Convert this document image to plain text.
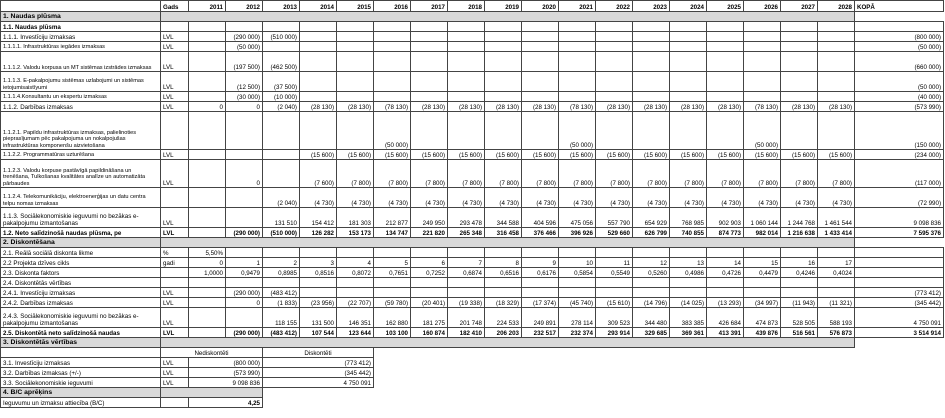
	Gads	2011	2012	2013	2014	2015	2016	2017	2018	2019	2020	2021	2022	2023	2024	2025	2026	2027	2028	KOPĀ
1. Naudas plūsma																				
1.1. Naudas plūsma																				
1.1.1. Investīciju izmaksas	LVL		(290 000)	(510 000)																(800 000)
1.1.1.1. Infrastruktūras iegādes izmaksas	LVL		(50 000)																	(50 000)
1.1.1.2. Valodu korpusa un MT sistēmas izstrādes izmaksas	LVL		(197 500)	(462 500)																(660 000)
1.1.1.3. E-pakalpojumu sistēmas uzlabojumi un sistēmas ietojumisaistīyumi	LVL		(12 500)	(37 500)																(50 000)
1.1.1.4.Konsultantu un ekspertu izmaksas	LVL		(30 000)	(10 000)																(40 000)
1.1.2. Darbības izmaksas	LVL	0	0	(2 040)	(28 130)	(28 130)	(78 130)	(28 130)	(28 130)	(28 130)	(28 130)	(78 130)	(28 130)	(28 130)	(28 130)	(28 130)	(78 130)	(28 130)	(28 130)	(573 990)
1.1.2.1. Papildu infrastruktūras izmaksas, palielinoties pieprasījumam pēc pakalpojuma un nokalpojušas infrastruktūras komponenšu aizvietošana							(50 000)					(50 000)					(50 000)			(150 000)
1.1.2.2. Programmatūras uzturēšana	LVL				(15 600)	(15 600)	(15 600)	(15 600)	(15 600)	(15 600)	(15 600)	(15 600)	(15 600)	(15 600)	(15 600)	(15 600)	(15 600)	(15 600)	(15 600)	(234 000)
1.1.2.3. Valodu korpuse pastāvīgā papildināšana un trenēšana, Tulkošanas kvalitātes analīze un automatizāta pārbaudes	LVL		0		(7 600)	(7 800)	(7 800)	(7 800)	(7 800)	(7 800)	(7 800)	(7 800)	(7 800)	(7 800)	(7 800)	(7 800)	(7 800)	(7 800)	(7 800)	(117 000)
1.1.2.4. Telekomunikāciju, elektroenerģijas un datu centra telpu nomas izmaksas				(2 040)	(4 730)	(4 730)	(4 730)	(4 730)	(4 730)	(4 730)	(4 730)	(4 730)	(4 730)	(4 730)	(4 730)	(4 730)	(4 730)	(4 730)	(4 730)	(72 990)
1.1.3. Sociālekonomiskie ieguvumi no bezākas e-pakalpojumu izmantošanas	LVL			131 510	154 412	181 303	212 877	249 950	293 478	344 588	404 596	475 056	557 790	654 929	768 985	902 903	1 060 144	1 244 768	1 461 544	9 098 836
1.2. Neto salīdzinošā naudas plūsma, pe	LVL		(290 000)	(510 000)	126 282	153 173	134 747	221 820	265 348	316 458	376 466	396 926	529 660	626 799	740 855	874 773	982 014	1 216 638	1 433 414	7 595 376
2. Diskontēšana																				
2.1. Reālā sociālā diskonta likme	%	5,50%																		
2.2 Projekta dzīves cikls	gadi	0	1	2	3	4	5	6	7	8	9	10	11	12	13	14	15	16	17	
2.3. Diskonta faktors		1,0000	0,9479	0,8985	0,8516	0,8072	0,7651	0,7252	0,6874	0,6516	0,6176	0,5854	0,5549	0,5260	0,4986	0,4726	0,4479	0,4246	0,4024	
2.4. Diskontētās vērtības																				
2.4.1. Investīciju izmaksas	LVL		(290 000)	(483 412)																(773 412)
2.4.2. Darbības izmaksas	LVL		0	(1 833)	(23 956)	(22 707)	(59 780)	(20 401)	(19 338)	(18 329)	(17 374)	(45 740)	(15 610)	(14 796)	(14 025)	(13 293)	(34 997)	(11 943)	(11 321)	(345 442)
2.4.3. Sociālekonomiskie ieguvumi no bezākas e-pakalpojumu izmantošanas	LVL			118 155	131 500	146 351	162 880	181 275	201 748	224 533	249 891	278 114	309 523	344 480	383 385	426 684	474 873	528 505	588 193	4 750 091
2.5. Diskontētā neto salīdzinošā naudas	LVL		(290 000)	(483 412)	107 544	123 644	103 100	160 874	182 410	206 203	232 517	232 374	293 914	329 685	369 361	413 391	439 876	516 561	576 873	3 514 914
3. Diskontētās vērtības																				
	Nediskontēti			Diskontēti																
3.1. Investīciju izmaksas	LVL	(800 000)		(773 412)																
3.2. Darbības izmaksas (+/-)	LVL	(573 990)		(345 442)																
3.3. Sociālekonomiskie ieguvumi	LVL	9 098 836		4 750 091																
4. B/C aprēķins																				
Ieguvumu un izmaksu attiecība (B/C)		4,25																		
